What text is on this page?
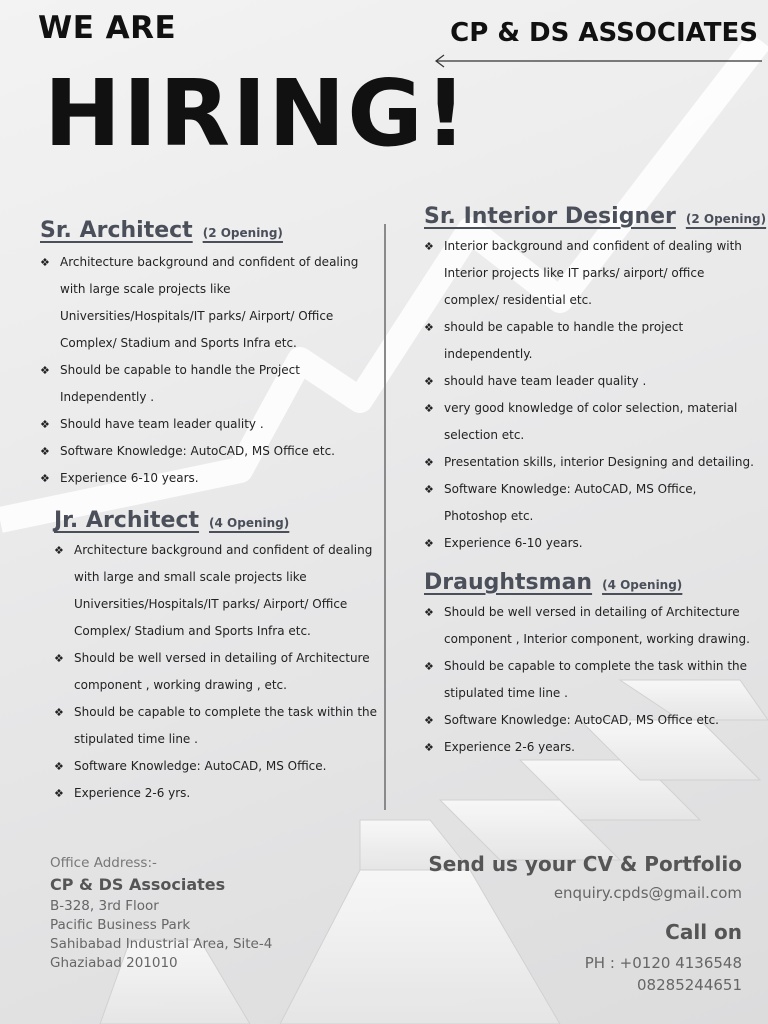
WE ARE	CP & DS ASSOCIATES
HIRING!
Sr. Architect (2 Opening)
❖ Architecture background and confident of dealing with large scale projects like Universities/Hospitals/IT parks/ Airport/ Office Complex/ Stadium and Sports Infra etc.
❖ Should be capable to handle the Project Independently .
❖ Should have team leader quality .
❖ Software Knowledge: AutoCAD, MS Office etc.
❖ Experience 6-10 years.
Jr. Architect (4 Opening)
❖ Architecture background and confident of dealing with large and small scale projects like Universities/Hospitals/IT parks/ Airport/ Office Complex/ Stadium and Sports Infra etc.
❖ Should be well versed in detailing of Architecture component , working drawing , etc.
❖ Should be capable to complete the task within the stipulated time line .
❖ Software Knowledge: AutoCAD, MS Office.
❖ Experience 2-6 yrs.
Sr. Interior Designer (2 Opening)
❖ Interior background and confident of dealing with Interior projects like IT parks/ airport/ office complex/ residential etc.
❖ should be capable to handle the project independently.
❖ should have team leader quality .
❖ very good knowledge of color selection, material selection etc.
❖ Presentation skills, interior Designing and detailing.
❖ Software Knowledge: AutoCAD, MS Office, Photoshop etc.
❖ Experience 6-10 years.
Draughtsman (4 Opening)
❖ Should be well versed in detailing of Architecture component , Interior component, working drawing.
❖ Should be capable to complete the task within the stipulated time line .
❖ Software Knowledge: AutoCAD, MS Office etc.
❖ Experience 2-6 years.
Office Address:-
CP & DS Associates
B-328, 3rd Floor
Pacific Business Park
Sahibabad Industrial Area, Site-4
Ghaziabad 201010
Send us your CV & Portfolio
enquiry.cpds@gmail.com
Call on
PH : +0120 4136548
08285244651
